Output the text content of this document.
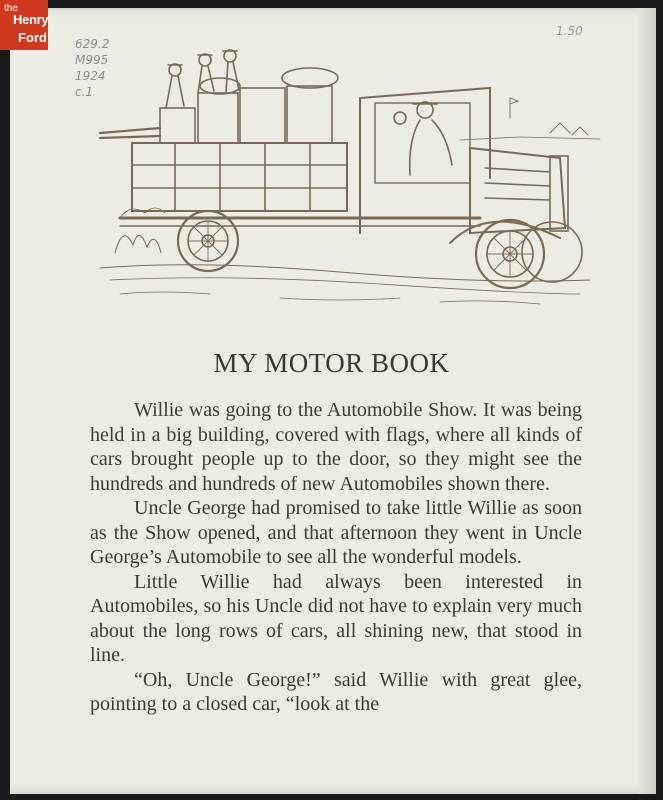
the
Henry
Ford 629.2
M995
1924
c.1
1.50
MY MOTOR BOOK

Willie was going to the Automobile Show. It was being held in a big building, covered with flags, where all kinds of cars brought people up to the door, so they might see the hundreds and hundreds of new Automobiles shown there.

Uncle George had promised to take little Willie as soon as the Show opened, and that afternoon they went in Uncle George’s Automobile to see all the wonderful models.

Little Willie had always been interested in Automobiles, so his Uncle did not have to explain very much about the long rows of cars, all shining new, that stood in line.

“Oh, Uncle George!” said Willie with great glee, pointing to a closed car, “look at the
